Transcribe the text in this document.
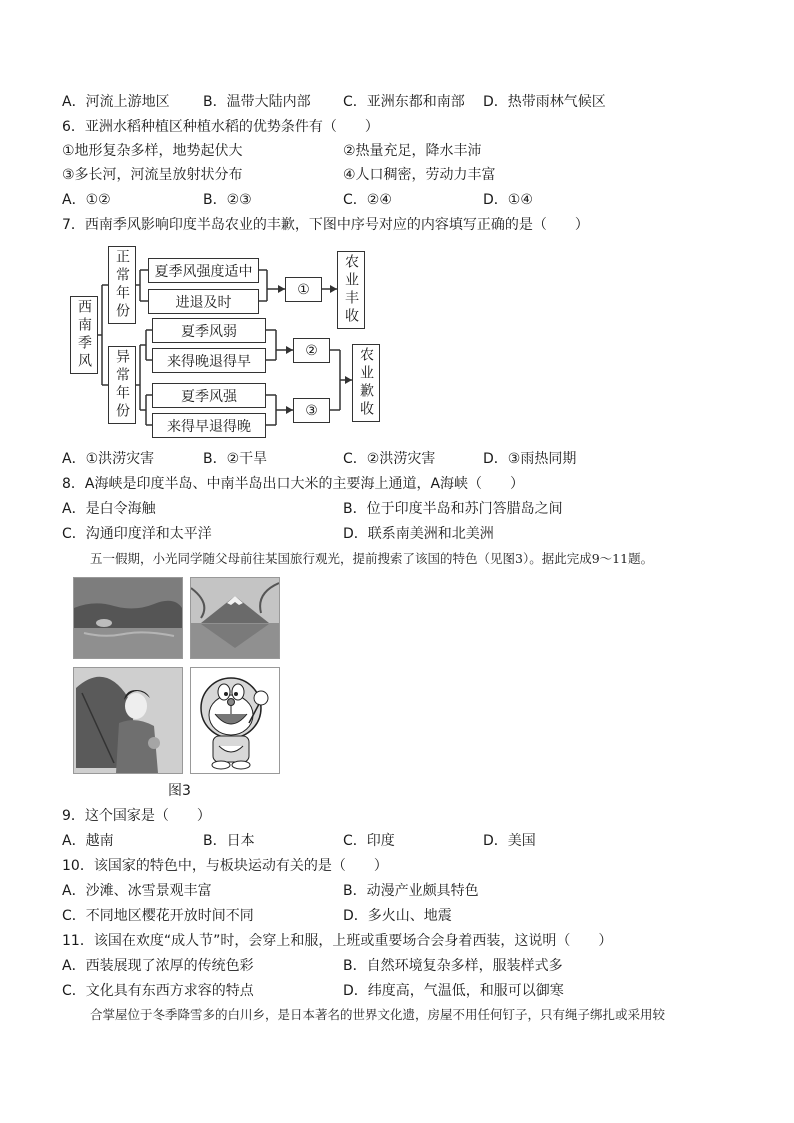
A．河流上游地区 B．温带大陆内部 C．亚洲东都和南部 D．热带雨林气候区
6．亚洲水稻种植区种植水稻的优势条件有（　　）
①地形复杂多样，地势起伏大	②热量充足，降水丰沛
③多长河，河流呈放射状分布	④人口稠密，劳动力丰富
A．①②	B．②③	C．②④	D．①④
7．西南季风影响印度半岛农业的丰歉，下图中序号对应的内容填写正确的是（　　）
西南季风
正常年份
异常年份
夏季风强度适中
进退及时
夏季风弱
来得晚退得早
夏季风强
来得早退得晚
①
②
③
农业丰收
农业歉收
A．①洪涝灾害	B．②干旱	C．②洪涝灾害	D．③雨热同期
8．A海峡是印度半岛、中南半岛出口大米的主要海上通道，A海峡（　　）
A．是白令海触	B．位于印度半岛和苏门答腊岛之间
C．沟通印度洋和太平洋	D．联系南美洲和北美洲
五一假期，小光同学随父母前往某国旅行观光，提前搜索了该国的特色（见图3）。据此完成9～11题。
图3
9．这个国家是（　　）
A．越南	B．日本	C．印度	D．美国
10．该国家的特色中，与板块运动有关的是（　　）
A．沙滩、冰雪景观丰富	B．动漫产业颇具特色
C．不同地区樱花开放时间不同	D．多火山、地震
11．该国在欢度“成人节”时，会穿上和服，上班或重要场合会身着西装，这说明（　　）
A．西装展现了浓厚的传统色彩	B．自然环境复杂多样，服装样式多
C．文化具有东西方求容的特点	D．纬度高，气温低，和服可以御寒
合掌屋位于冬季降雪多的白川乡，是日本著名的世界文化遗，房屋不用任何钉子，只有绳子绑扎或采用较
